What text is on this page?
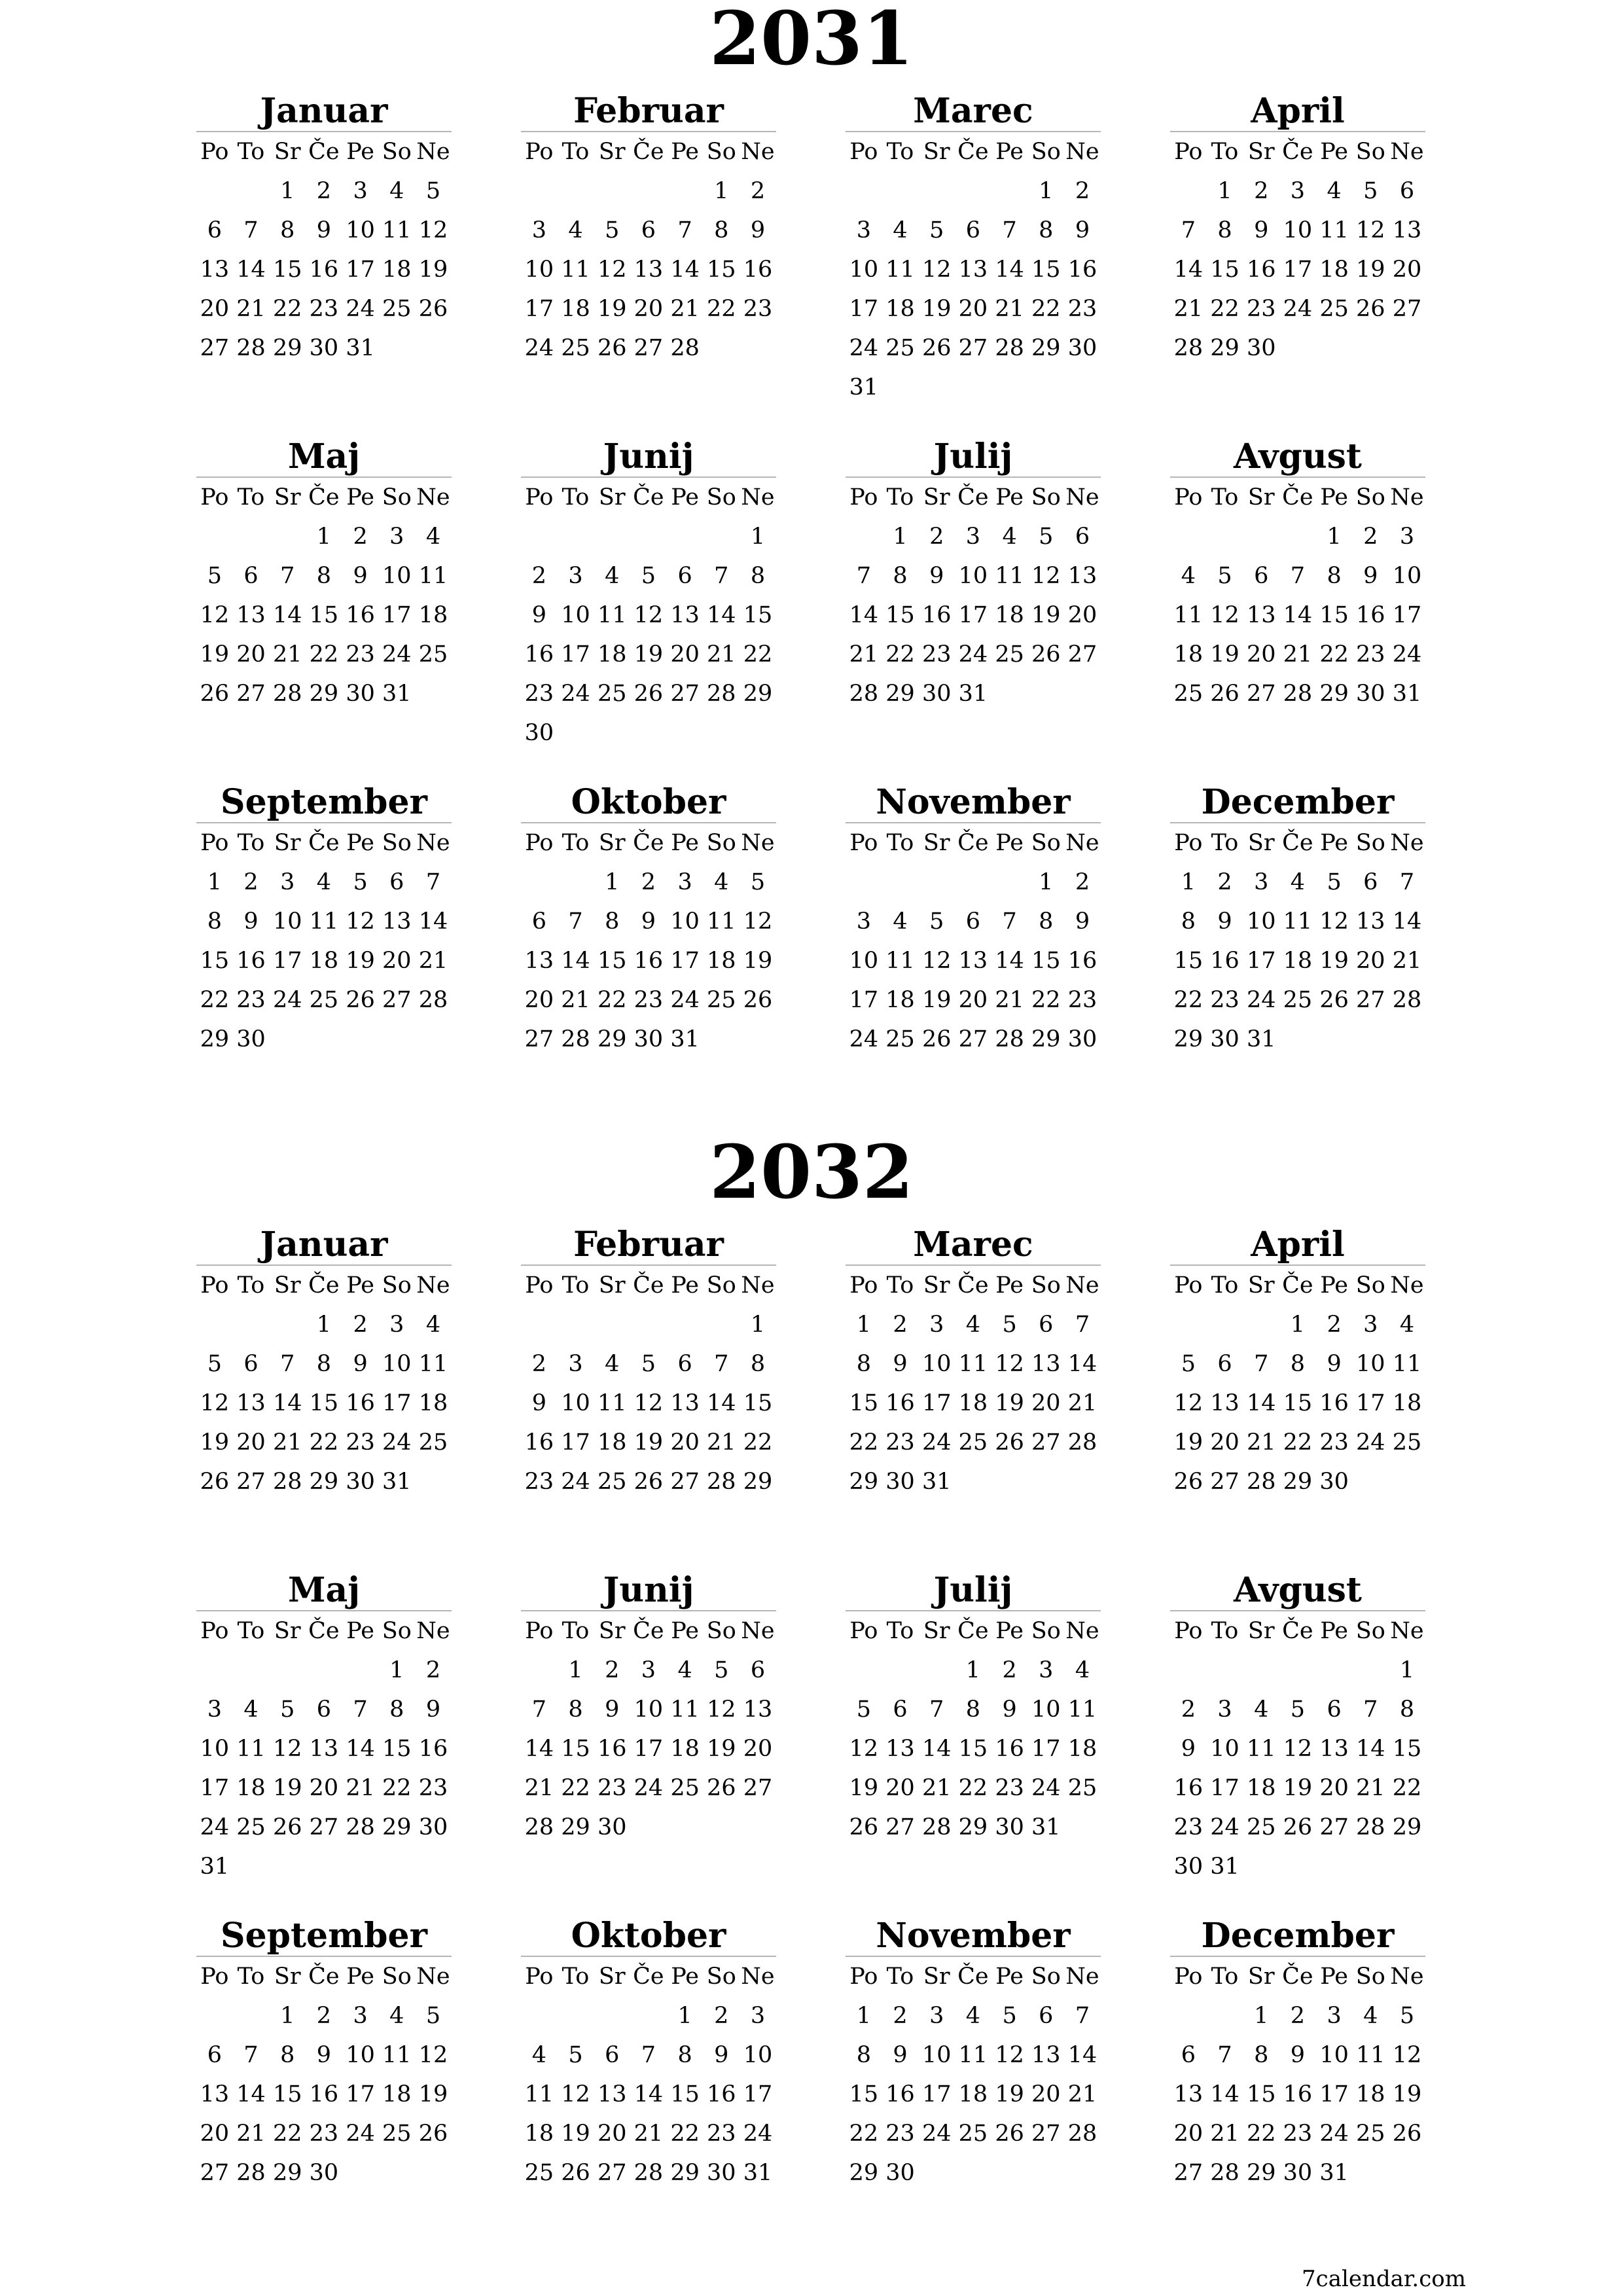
2031
Januar
Po To Sr Če Pe So Ne
1 2 3 4 5
6 7 8 9 10 11 12
13 14 15 16 17 18 19
20 21 22 23 24 25 26
27 28 29 30 31
Februar
Po To Sr Če Pe So Ne
1 2
3 4 5 6 7 8 9
10 11 12 13 14 15 16
17 18 19 20 21 22 23
24 25 26 27 28
Marec
Po To Sr Če Pe So Ne
1 2
3 4 5 6 7 8 9
10 11 12 13 14 15 16
17 18 19 20 21 22 23
24 25 26 27 28 29 30
31
April
Po To Sr Če Pe So Ne
1 2 3 4 5 6
7 8 9 10 11 12 13
14 15 16 17 18 19 20
21 22 23 24 25 26 27
28 29 30
Maj
Po To Sr Če Pe So Ne
1 2 3 4
5 6 7 8 9 10 11
12 13 14 15 16 17 18
19 20 21 22 23 24 25
26 27 28 29 30 31
Junij
Po To Sr Če Pe So Ne
1
2 3 4 5 6 7 8
9 10 11 12 13 14 15
16 17 18 19 20 21 22
23 24 25 26 27 28 29
30
Julij
Po To Sr Če Pe So Ne
1 2 3 4 5 6
7 8 9 10 11 12 13
14 15 16 17 18 19 20
21 22 23 24 25 26 27
28 29 30 31
Avgust
Po To Sr Če Pe So Ne
1 2 3
4 5 6 7 8 9 10
11 12 13 14 15 16 17
18 19 20 21 22 23 24
25 26 27 28 29 30 31
September
Po To Sr Če Pe So Ne
1 2 3 4 5 6 7
8 9 10 11 12 13 14
15 16 17 18 19 20 21
22 23 24 25 26 27 28
29 30
Oktober
Po To Sr Če Pe So Ne
1 2 3 4 5
6 7 8 9 10 11 12
13 14 15 16 17 18 19
20 21 22 23 24 25 26
27 28 29 30 31
November
Po To Sr Če Pe So Ne
1 2
3 4 5 6 7 8 9
10 11 12 13 14 15 16
17 18 19 20 21 22 23
24 25 26 27 28 29 30
December
Po To Sr Če Pe So Ne
1 2 3 4 5 6 7
8 9 10 11 12 13 14
15 16 17 18 19 20 21
22 23 24 25 26 27 28
29 30 31
2032
Januar
Po To Sr Če Pe So Ne
1 2 3 4
5 6 7 8 9 10 11
12 13 14 15 16 17 18
19 20 21 22 23 24 25
26 27 28 29 30 31
Februar
Po To Sr Če Pe So Ne
1
2 3 4 5 6 7 8
9 10 11 12 13 14 15
16 17 18 19 20 21 22
23 24 25 26 27 28 29
Marec
Po To Sr Če Pe So Ne
1 2 3 4 5 6 7
8 9 10 11 12 13 14
15 16 17 18 19 20 21
22 23 24 25 26 27 28
29 30 31
April
Po To Sr Če Pe So Ne
1 2 3 4
5 6 7 8 9 10 11
12 13 14 15 16 17 18
19 20 21 22 23 24 25
26 27 28 29 30
Maj
Po To Sr Če Pe So Ne
1 2
3 4 5 6 7 8 9
10 11 12 13 14 15 16
17 18 19 20 21 22 23
24 25 26 27 28 29 30
31
Junij
Po To Sr Če Pe So Ne
1 2 3 4 5 6
7 8 9 10 11 12 13
14 15 16 17 18 19 20
21 22 23 24 25 26 27
28 29 30
Julij
Po To Sr Če Pe So Ne
1 2 3 4
5 6 7 8 9 10 11
12 13 14 15 16 17 18
19 20 21 22 23 24 25
26 27 28 29 30 31
Avgust
Po To Sr Če Pe So Ne
1
2 3 4 5 6 7 8
9 10 11 12 13 14 15
16 17 18 19 20 21 22
23 24 25 26 27 28 29
30 31
September
Po To Sr Če Pe So Ne
1 2 3 4 5
6 7 8 9 10 11 12
13 14 15 16 17 18 19
20 21 22 23 24 25 26
27 28 29 30
Oktober
Po To Sr Če Pe So Ne
1 2 3
4 5 6 7 8 9 10
11 12 13 14 15 16 17
18 19 20 21 22 23 24
25 26 27 28 29 30 31
November
Po To Sr Če Pe So Ne
1 2 3 4 5 6 7
8 9 10 11 12 13 14
15 16 17 18 19 20 21
22 23 24 25 26 27 28
29 30
December
Po To Sr Če Pe So Ne
1 2 3 4 5
6 7 8 9 10 11 12
13 14 15 16 17 18 19
20 21 22 23 24 25 26
27 28 29 30 31
7calendar.com
